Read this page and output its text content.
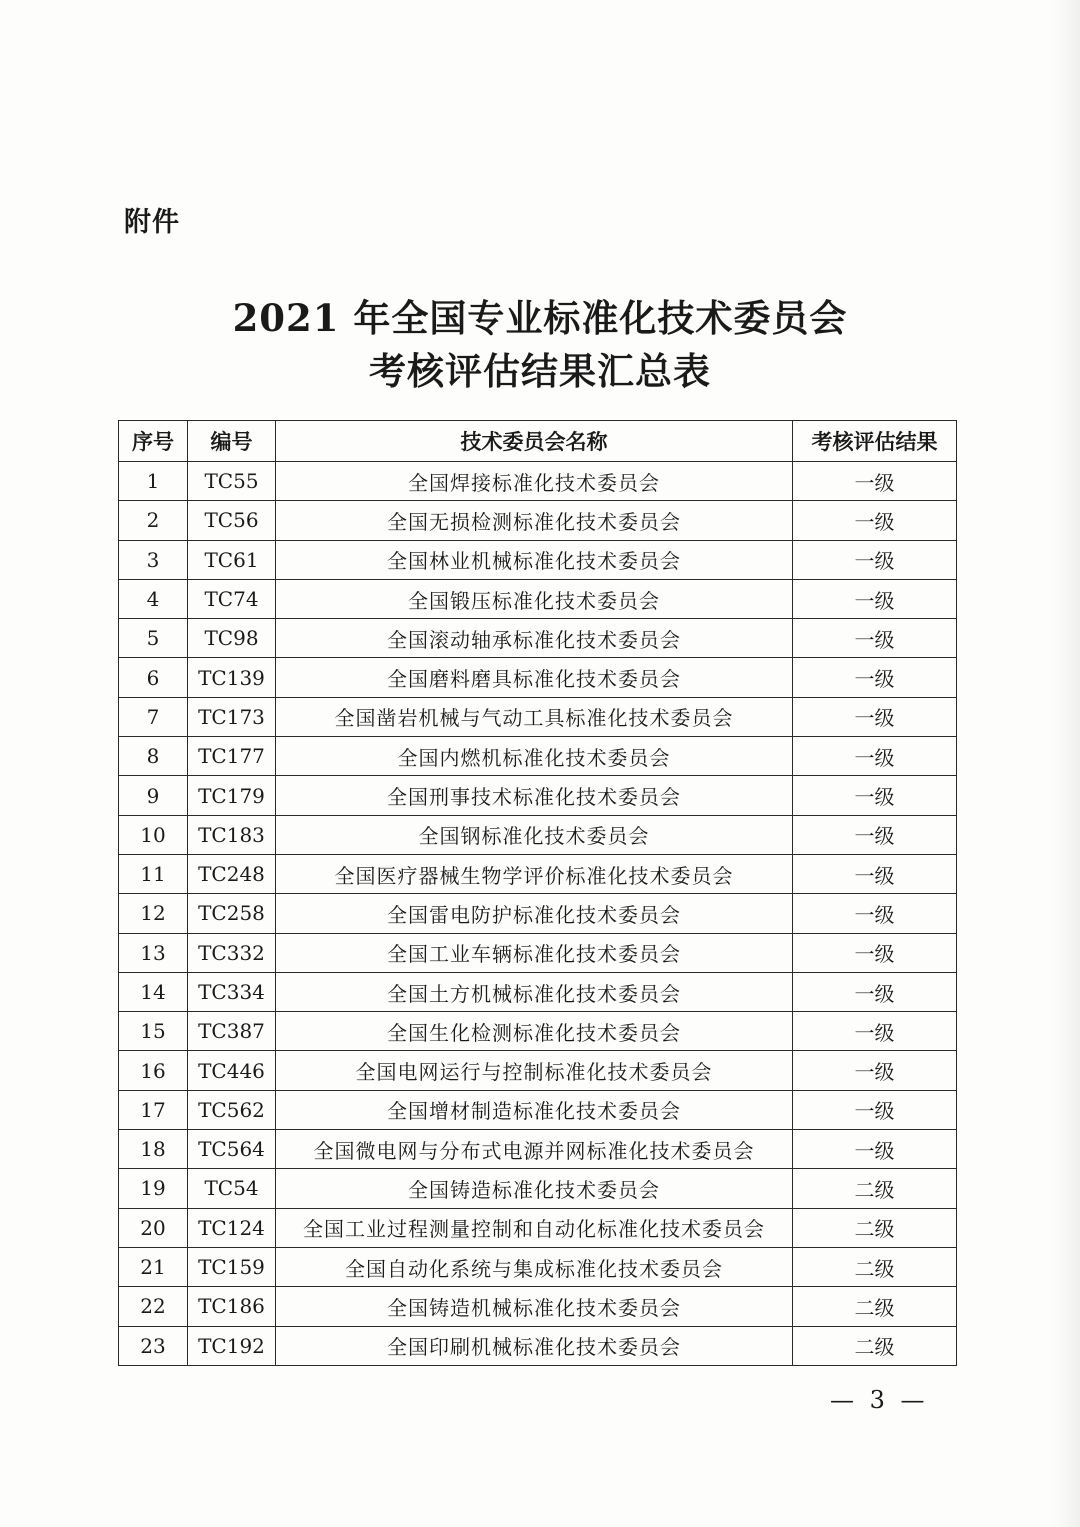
附件
2021 年全国专业标准化技术委员会
考核评估结果汇总表
序号	编号	技术委员会名称	考核评估结果
1	TC55	全国焊接标准化技术委员会	一级
2	TC56	全国无损检测标准化技术委员会	一级
3	TC61	全国林业机械标准化技术委员会	一级
4	TC74	全国锻压标准化技术委员会	一级
5	TC98	全国滚动轴承标准化技术委员会	一级
6	TC139	全国磨料磨具标准化技术委员会	一级
7	TC173	全国凿岩机械与气动工具标准化技术委员会	一级
8	TC177	全国内燃机标准化技术委员会	一级
9	TC179	全国刑事技术标准化技术委员会	一级
10	TC183	全国钢标准化技术委员会	一级
11	TC248	全国医疗器械生物学评价标准化技术委员会	一级
12	TC258	全国雷电防护标准化技术委员会	一级
13	TC332	全国工业车辆标准化技术委员会	一级
14	TC334	全国土方机械标准化技术委员会	一级
15	TC387	全国生化检测标准化技术委员会	一级
16	TC446	全国电网运行与控制标准化技术委员会	一级
17	TC562	全国增材制造标准化技术委员会	一级
18	TC564	全国微电网与分布式电源并网标准化技术委员会	一级
19	TC54	全国铸造标准化技术委员会	二级
20	TC124	全国工业过程测量控制和自动化标准化技术委员会	二级
21	TC159	全国自动化系统与集成标准化技术委员会	二级
22	TC186	全国铸造机械标准化技术委员会	二级
23	TC192	全国印刷机械标准化技术委员会	二级
— 3 —
